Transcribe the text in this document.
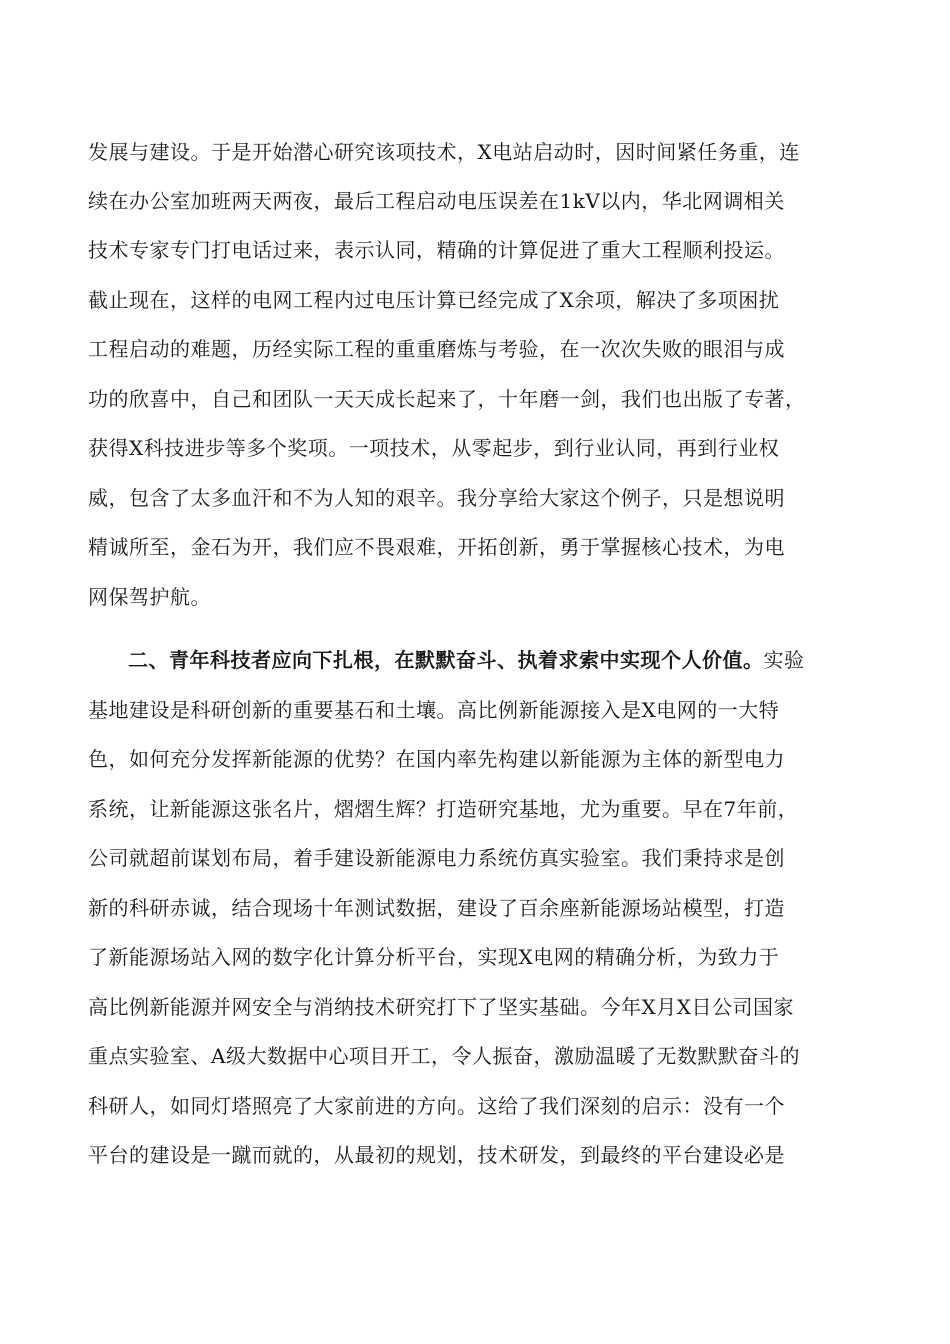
发展与建设。于是开始潜心研究该项技术，X电站启动时，因时间紧任务重，连
续在办公室加班两天两夜，最后工程启动电压误差在1kV以内，华北网调相关
技术专家专门打电话过来，表示认同，精确的计算促进了重大工程顺利投运。
截止现在，这样的电网工程内过电压计算已经完成了X余项，解决了多项困扰
工程启动的难题，历经实际工程的重重磨炼与考验，在一次次失败的眼泪与成
功的欣喜中，自己和团队一天天成长起来了，十年磨一剑，我们也出版了专著，
获得X科技进步等多个奖项。一项技术，从零起步，到行业认同，再到行业权
威，包含了太多血汗和不为人知的艰辛。我分享给大家这个例子，只是想说明
精诚所至，金石为开，我们应不畏艰难，开拓创新，勇于掌握核心技术，为电
网保驾护航。
二、青年科技者应向下扎根，在默默奋斗、执着求索中实现个人价值。实验
基地建设是科研创新的重要基石和土壤。高比例新能源接入是X电网的一大特
色，如何充分发挥新能源的优势？在国内率先构建以新能源为主体的新型电力
系统，让新能源这张名片，熠熠生辉？打造研究基地，尤为重要。早在7年前，
公司就超前谋划布局，着手建设新能源电力系统仿真实验室。我们秉持求是创
新的科研赤诚，结合现场十年测试数据，建设了百余座新能源场站模型，打造
了新能源场站入网的数字化计算分析平台，实现X电网的精确分析，为致力于
高比例新能源并网安全与消纳技术研究打下了坚实基础。今年X月X日公司国家
重点实验室、A级大数据中心项目开工，令人振奋，激励温暖了无数默默奋斗的
科研人，如同灯塔照亮了大家前进的方向。这给了我们深刻的启示：没有一个
平台的建设是一蹴而就的，从最初的规划，技术研发，到最终的平台建设必是
